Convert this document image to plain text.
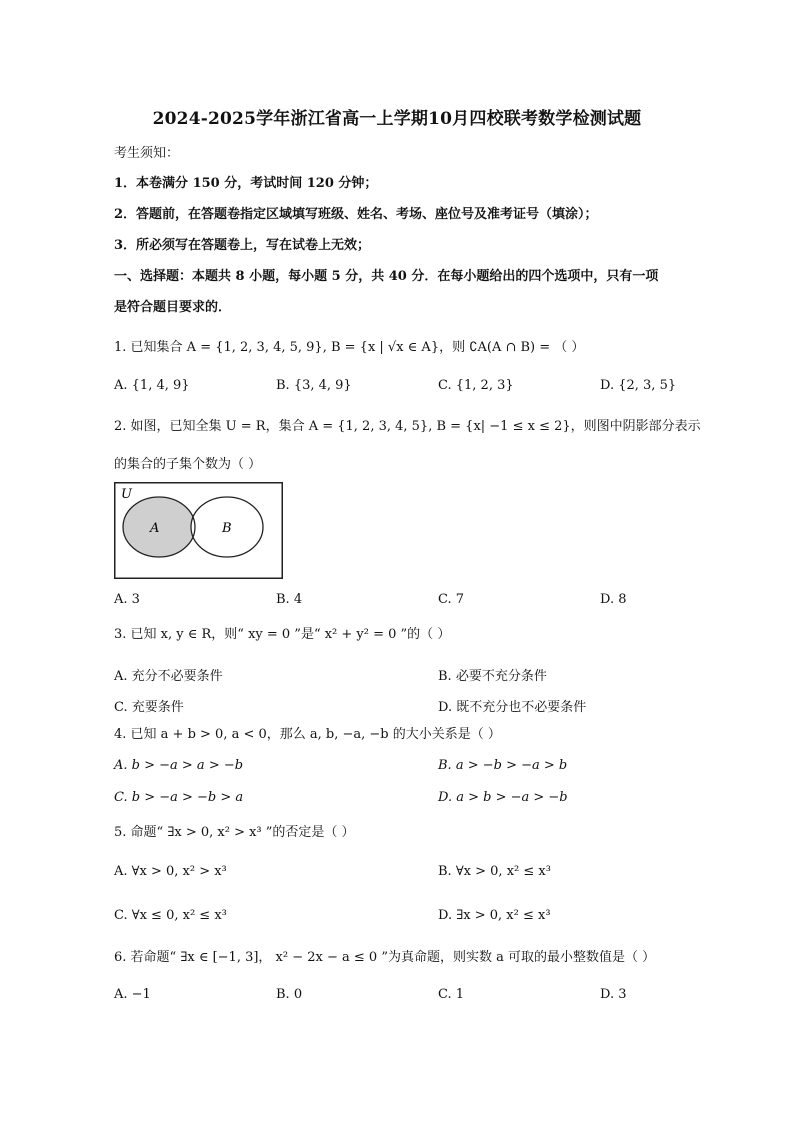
2024-2025学年浙江省高一上学期10月四校联考数学检测试题
考生须知：
1．本卷满分 150 分，考试时间 120 分钟；
2．答题前，在答题卷指定区域填写班级、姓名、考场、座位号及准考证号（填涂）；
3．所必须写在答题卷上，写在试卷上无效；
一、选择题：本题共 8 小题，每小题 5 分，共 40 分．在每小题给出的四个选项中，只有一项
是符合题目要求的．
1. 已知集合 A = {1, 2, 3, 4, 5, 9}, B = {x | √x ∈ A}，则 ∁A(A ∩ B) = （ ）
A. {1, 4, 9}	B. {3, 4, 9}	C. {1, 2, 3}	D. {2, 3, 5}
2. 如图，已知全集 U = R，集合 A = {1, 2, 3, 4, 5}, B = {x| −1 ≤ x ≤ 2}，则图中阴影部分表示
的集合的子集个数为（ ）
U
A	B
A. 3	B. 4	C. 7	D. 8
3. 已知 x, y ∈ R，则“ xy = 0 ”是“ x² + y² = 0 ”的（ ）
A. 充分不必要条件	B. 必要不充分条件
C. 充要条件	D. 既不充分也不必要条件
4. 已知 a + b > 0, a < 0，那么 a, b, −a, −b 的大小关系是（ ）
A. b > −a > a > −b	B. a > −b > −a > b
C. b > −a > −b > a	D. a > b > −a > −b
5. 命题“ ∃x > 0, x² > x³ ”的否定是（ ）
A. ∀x > 0, x² > x³	B. ∀x > 0, x² ≤ x³
C. ∀x ≤ 0, x² ≤ x³	D. ∃x > 0, x² ≤ x³
6. 若命题“ ∃x ∈ [−1, 3]， x² − 2x − a ≤ 0 ”为真命题，则实数 a 可取的最小整数值是（ ）
A. −1	B. 0	C. 1	D. 3
